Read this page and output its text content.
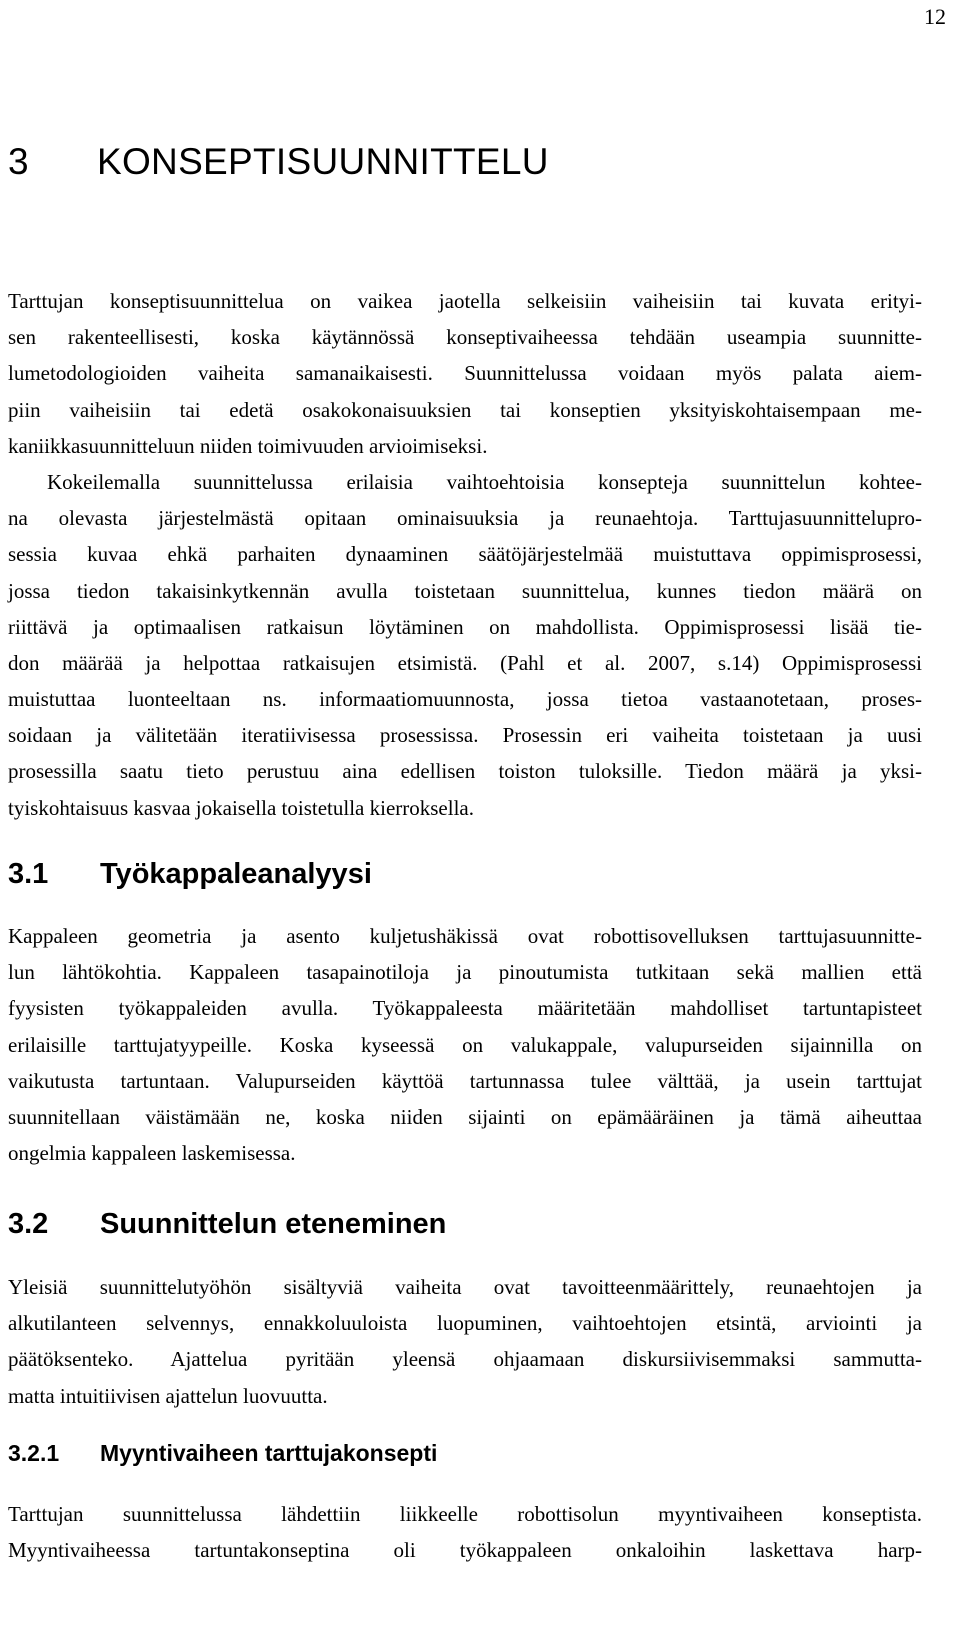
12
3 KONSEPTISUUNNITTELU
Tarttujan konseptisuunnittelua on vaikea jaotella selkeisiin vaiheisiin tai kuvata erityi-
sen rakenteellisesti, koska käytännössä konseptivaiheessa tehdään useampia suunnitte-
lumetodologioiden vaiheita samanaikaisesti. Suunnittelussa voidaan myös palata aiem-
piin vaiheisiin tai edetä osakokonaisuuksien tai konseptien yksityiskohtaisempaan me-
kaniikkasuunnitteluun niiden toimivuuden arvioimiseksi.
Kokeilemalla suunnittelussa erilaisia vaihtoehtoisia konsepteja suunnittelun kohtee-
na olevasta järjestelmästä opitaan ominaisuuksia ja reunaehtoja. Tarttujasuunnittelupro-
sessia kuvaa ehkä parhaiten dynaaminen säätöjärjestelmää muistuttava oppimisprosessi,
jossa tiedon takaisinkytkennän avulla toistetaan suunnittelua, kunnes tiedon määrä on
riittävä ja optimaalisen ratkaisun löytäminen on mahdollista. Oppimisprosessi lisää tie-
don määrää ja helpottaa ratkaisujen etsimistä. (Pahl et al. 2007, s.14) Oppimisprosessi
muistuttaa luonteeltaan ns. informaatiomuunnosta, jossa tietoa vastaanotetaan, proses-
soidaan ja välitetään iteratiivisessa prosessissa. Prosessin eri vaiheita toistetaan ja uusi
prosessilla saatu tieto perustuu aina edellisen toiston tuloksille. Tiedon määrä ja yksi-
tyiskohtaisuus kasvaa jokaisella toistetulla kierroksella.
3.1 Työkappaleanalyysi
Kappaleen geometria ja asento kuljetushäkissä ovat robottisovelluksen tarttujasuunnitte-
lun lähtökohtia. Kappaleen tasapainotiloja ja pinoutumista tutkitaan sekä mallien että
fyysisten työkappaleiden avulla. Työkappaleesta määritetään mahdolliset tartuntapisteet
erilaisille tarttujatyypeille. Koska kyseessä on valukappale, valupurseiden sijainnilla on
vaikutusta tartuntaan. Valupurseiden käyttöä tartunnassa tulee välttää, ja usein tarttujat
suunnitellaan väistämään ne, koska niiden sijainti on epämääräinen ja tämä aiheuttaa
ongelmia kappaleen laskemisessa.
3.2 Suunnittelun eteneminen
Yleisiä suunnittelutyöhön sisältyviä vaiheita ovat tavoitteenmäärittely, reunaehtojen ja
alkutilanteen selvennys, ennakkoluuloista luopuminen, vaihtoehtojen etsintä, arviointi ja
päätöksenteko. Ajattelua pyritään yleensä ohjaamaan diskursiivisemmaksi sammutta-
matta intuitiivisen ajattelun luovuutta.
3.2.1 Myyntivaiheen tarttujakonsepti
Tarttujan suunnittelussa lähdettiin liikkeelle robottisolun myyntivaiheen konseptista.
Myyntivaiheessa tartuntakonseptina oli työkappaleen onkaloihin laskettava harp-
